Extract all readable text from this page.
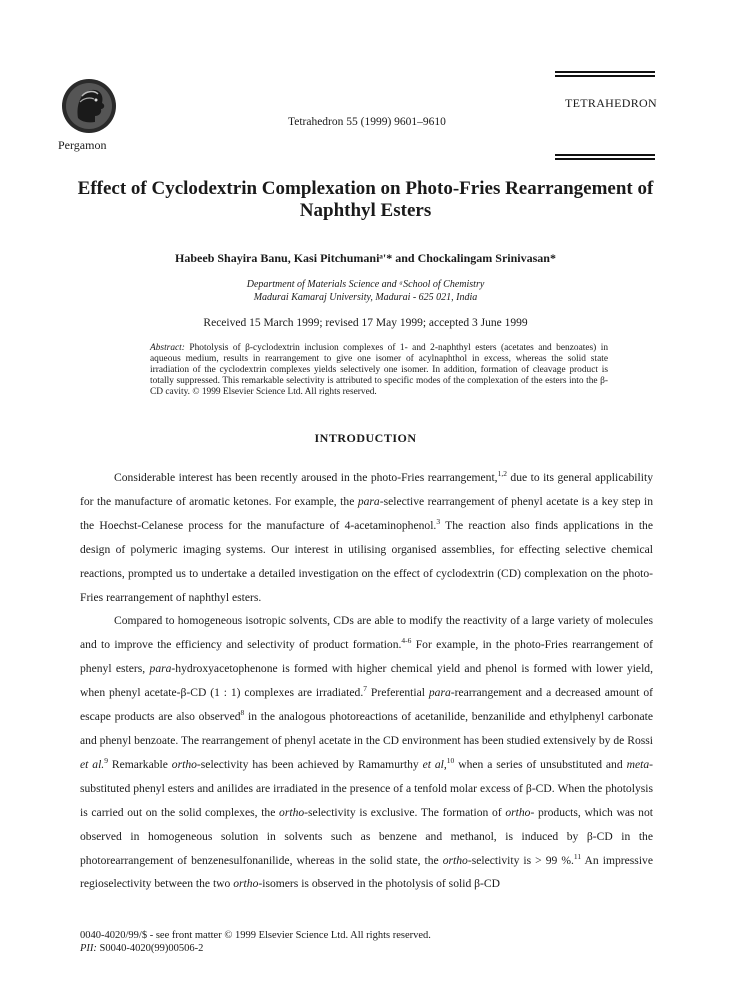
Pergamon
Tetrahedron 55 (1999) 9601–9610
TETRAHEDRON
Effect of Cyclodextrin Complexation on Photo-Fries Rearrangement of Naphthyl Esters
Habeeb Shayira Banu, Kasi Pitchumaniᵃ'* and Chockalingam Srinivasan*
Department of Materials Science and ᵃSchool of Chemistry
Madurai Kamaraj University, Madurai - 625 021, India
Received 15 March 1999; revised 17 May 1999; accepted 3 June 1999
Abstract: Photolysis of β-cyclodextrin inclusion complexes of 1- and 2-naphthyl esters (acetates and benzoates) in aqueous medium, results in rearrangement to give one isomer of acylnaphthol in excess, whereas the solid state irradiation of the cyclodextrin complexes yields selectively one isomer. In addition, formation of cleavage product is totally suppressed. This remarkable selectivity is attributed to specific modes of the complexation of the esters into the β-CD cavity. © 1999 Elsevier Science Ltd. All rights reserved.
INTRODUCTION

Considerable interest has been recently aroused in the photo-Fries rearrangement,$^{1,2}$ due to its general applicability for the manufacture of aromatic ketones. For example, the para-selective rearrangement of phenyl acetate is a key step in the Hoechst-Celanese process for the manufacture of 4-acetaminophenol.$^3$ The reaction also finds applications in the design of polymeric imaging systems. Our interest in utilising organised assemblies, for effecting selective chemical reactions, prompted us to undertake a detailed investigation on the effect of cyclodextrin (CD) complexation on the photo-Fries rearrangement of naphthyl esters.

Compared to homogeneous isotropic solvents, CDs are able to modify the reactivity of a large variety of molecules and to improve the efficiency and selectivity of product formation.$^{4-6}$ For example, in the photo-Fries rearrangement of phenyl esters, para-hydroxyacetophenone is formed with higher chemical yield and phenol is formed with lower yield, when phenyl acetate-β-CD (1 : 1) complexes are irradiated.$^7$ Preferential para-rearrangement and a decreased amount of escape products are also observed$^8$ in the analogous photoreactions of acetanilide, benzanilide and ethylphenyl carbonate and phenyl benzoate. The rearrangement of phenyl acetate in the CD environment has been studied extensively by de Rossi et al.$^9$ Remarkable ortho-selectivity has been achieved by Ramamurthy et al,$^{10}$ when a series of unsubstituted and meta-substituted phenyl esters and anilides are irradiated in the presence of a tenfold molar excess of β-CD. When the photolysis is carried out on the solid complexes, the ortho-selectivity is exclusive. The formation of ortho- products, which was not observed in homogeneous solution in solvents such as benzene and methanol, is induced by β-CD in the photorearrangement of benzenesulfonanilide, whereas in the solid state, the ortho-selectivity is > 99 %.$^{11}$ An impressive regioselectivity between the two ortho-isomers is observed in the photolysis of solid β-CD

0040-4020/99/$ - see front matter © 1999 Elsevier Science Ltd. All rights reserved.
PII: S0040-4020(99)00506-2
